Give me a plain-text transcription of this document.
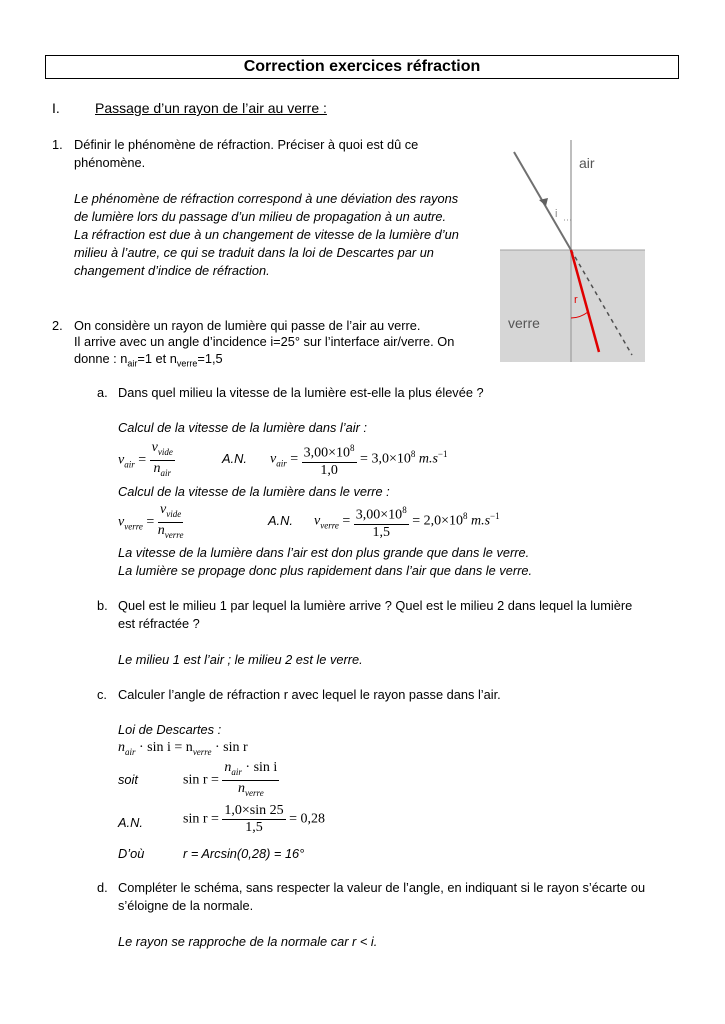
Correction exercices réfraction
I.	Passage d’un rayon de l’air au verre :
1. Définir le phénomène de réfraction. Préciser à quoi est dû ce
phénomène.
Le phénomène de réfraction correspond à une déviation des rayons
de lumière lors du passage d’un milieu de propagation à un autre.
La réfraction est due à un changement de vitesse de la lumière d’un
milieu à l’autre, ce qui se traduit dans la loi de Descartes par un
changement d’indice de réfraction.
air
verre
i
r
2. On considère un rayon de lumière qui passe de l’air au verre.
Il arrive avec un angle d’incidence i=25° sur l’interface air/verre. On
donne : $n_{air}=1$ et $n_{verre}=1,5$
a. Dans quel milieu la vitesse de la lumière est-elle la plus élevée ?
Calcul de la vitesse de la lumière dans l’air :
$v_{air} = \frac{v_{vide}}{n_{air}}$	A.N. $v_{air} = \frac{3,00\times 10^8}{1,0} = 3,0\times 10^8$ $m.s^{-1}$
Calcul de la vitesse de la lumière dans le verre :
$v_{verre} = \frac{v_{vide}}{n_{verre}}$	A.N. $v_{verre} = \frac{3,00\times 10^8}{1,5} = 2,0\times 10^8$ $m.s^{-1}$
La vitesse de la lumière dans l’air est don plus grande que dans le verre.
La lumière se propage donc plus rapidement dans l’air que dans le verre.
b. Quel est le milieu 1 par lequel la lumière arrive ? Quel est le milieu 2 dans lequel la lumière
est réfractée ?
Le milieu 1 est l’air ; le milieu 2 est le verre.
c. Calculer l’angle de réfraction r avec lequel le rayon passe dans l’air.
Loi de Descartes :
$n_{air} \cdot \sin i = n_{verre} \cdot \sin r$
soit	$\sin r = \frac{n_{air} \cdot \sin i}{n_{verre}}$
A.N.	$\sin r = \frac{1,0\times\sin 25}{1,5} = 0,28$
D’où	r = Arcsin(0,28) = 16°
d. Compléter le schéma, sans respecter la valeur de l’angle, en indiquant si le rayon s’écarte ou
s’éloigne de la normale.
Le rayon se rapproche de la normale car r < i.
